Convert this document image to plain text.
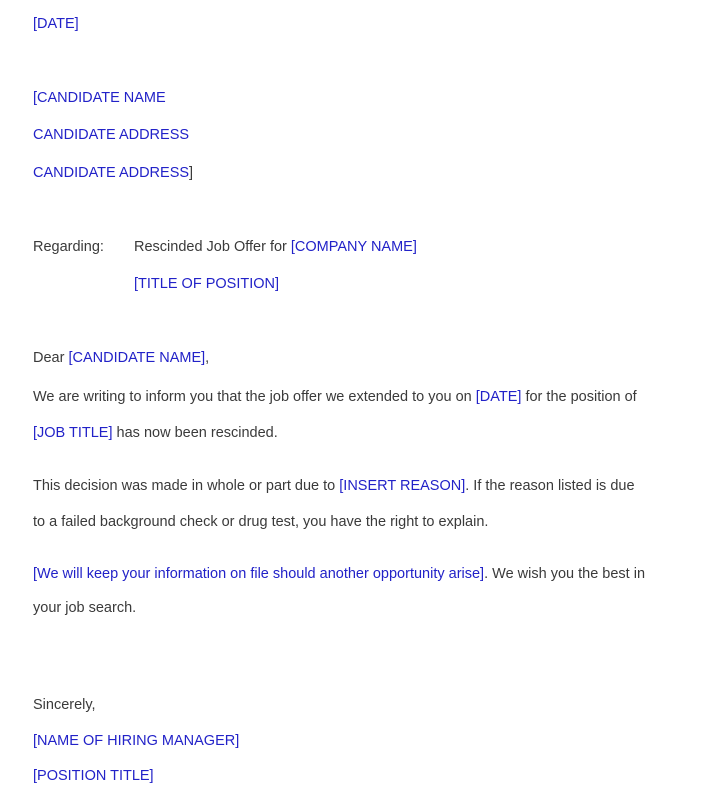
[DATE]
[CANDIDATE NAME
CANDIDATE ADDRESS
CANDIDATE ADDRESS]
Regarding: Rescinded Job Offer for [COMPANY NAME]
[TITLE OF POSITION]
Dear [CANDIDATE NAME],
We are writing to inform you that the job offer we extended to you on [DATE] for the position of
[JOB TITLE] has now been rescinded.
This decision was made in whole or part due to [INSERT REASON]. If the reason listed is due
to a failed background check or drug test, you have the right to explain.
[We will keep your information on file should another opportunity arise]. We wish you the best in
your job search.
Sincerely,
[NAME OF HIRING MANAGER]
[POSITION TITLE]
